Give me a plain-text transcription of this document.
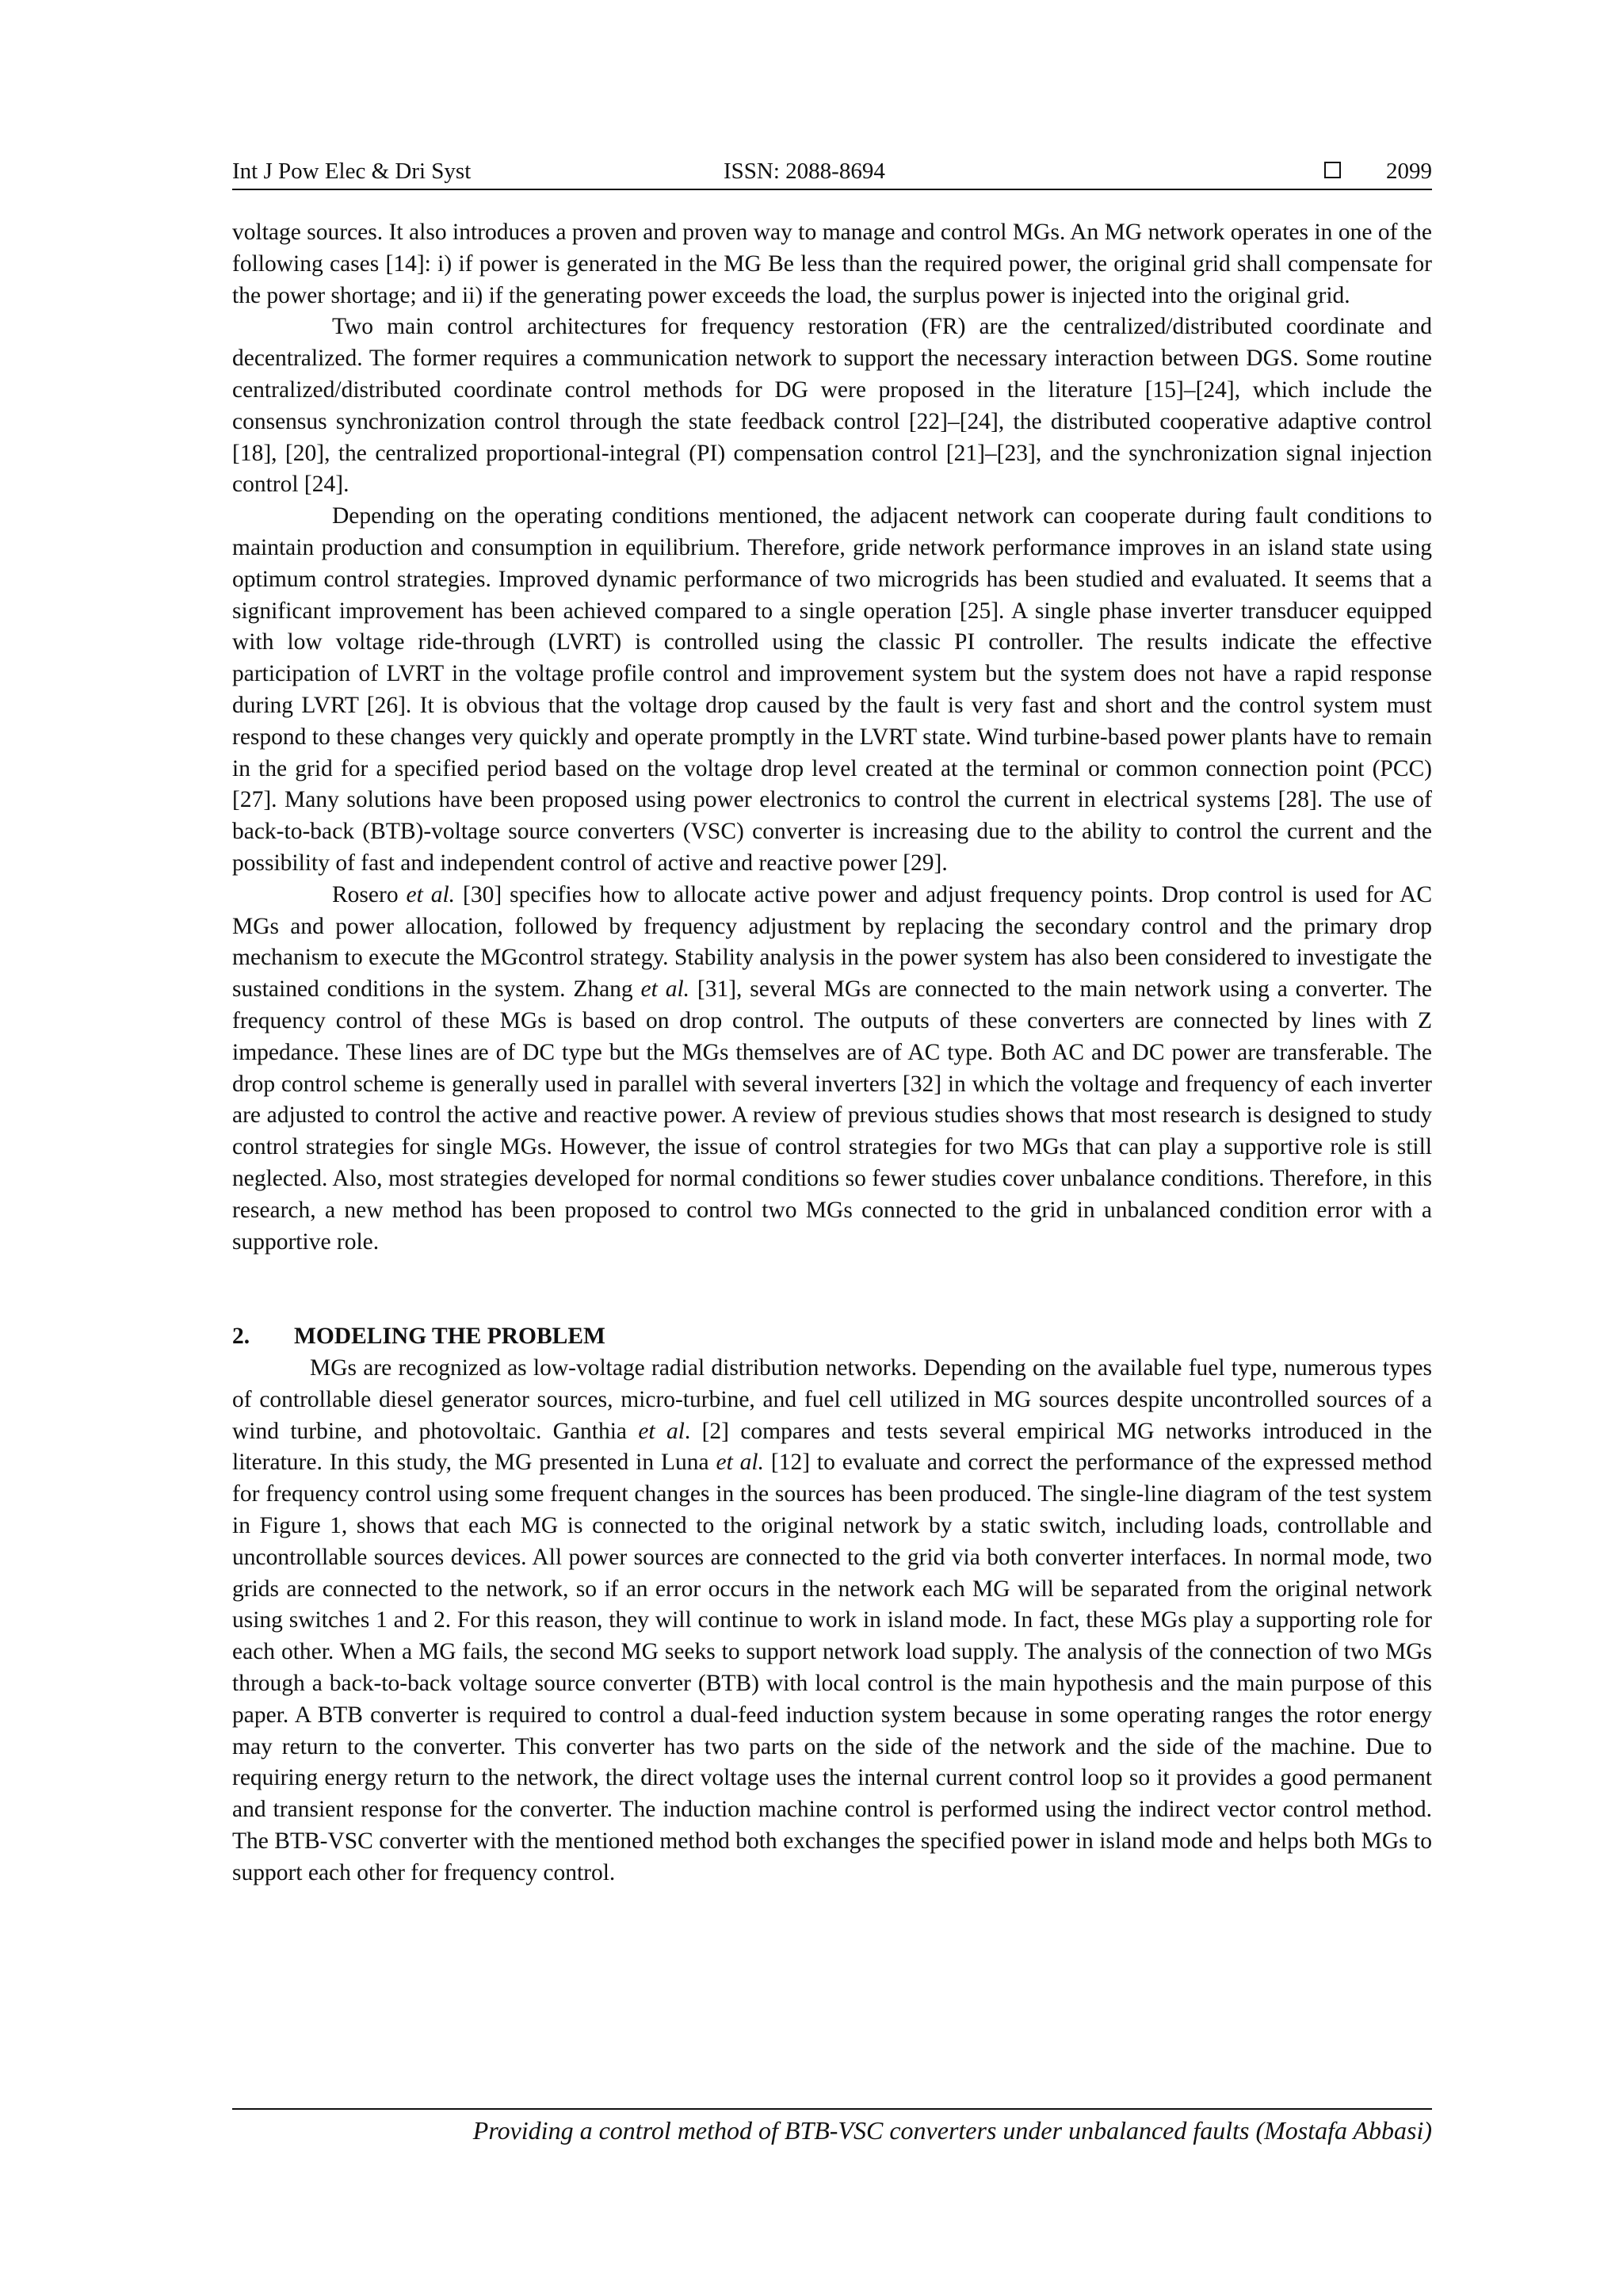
Int J Pow Elec & Dri Syst	ISSN: 2088-8694	2099

voltage sources. It also introduces a proven and proven way to manage and control MGs. An MG network operates in one of the following cases [14]: i) if power is generated in the MG Be less than the required power, the original grid shall compensate for the power shortage; and ii) if the generating power exceeds the load, the surplus power is injected into the original grid.

Two main control architectures for frequency restoration (FR) are the centralized/distributed coordinate and decentralized. The former requires a communication network to support the necessary interaction between DGS. Some routine centralized/distributed coordinate control methods for DG were proposed in the literature [15]–[24], which include the consensus synchronization control through the state feedback control [22]–[24], the distributed cooperative adaptive control [18], [20], the centralized proportional-integral (PI) compensation control [21]–[23], and the synchronization signal injection control [24].

Depending on the operating conditions mentioned, the adjacent network can cooperate during fault conditions to maintain production and consumption in equilibrium. Therefore, gride network performance improves in an island state using optimum control strategies. Improved dynamic performance of two microgrids has been studied and evaluated. It seems that a significant improvement has been achieved compared to a single operation [25]. A single phase inverter transducer equipped with low voltage ride-through (LVRT) is controlled using the classic PI controller. The results indicate the effective participation of LVRT in the voltage profile control and improvement system but the system does not have a rapid response during LVRT [26]. It is obvious that the voltage drop caused by the fault is very fast and short and the control system must respond to these changes very quickly and operate promptly in the LVRT state. Wind turbine-based power plants have to remain in the grid for a specified period based on the voltage drop level created at the terminal or common connection point (PCC) [27]. Many solutions have been proposed using power electronics to control the current in electrical systems [28]. The use of back-to-back (BTB)-voltage source converters (VSC) converter is increasing due to the ability to control the current and the possibility of fast and independent control of active and reactive power [29].

Rosero et al. [30] specifies how to allocate active power and adjust frequency points. Drop control is used for AC MGs and power allocation, followed by frequency adjustment by replacing the secondary control and the primary drop mechanism to execute the MGcontrol strategy. Stability analysis in the power system has also been considered to investigate the sustained conditions in the system. Zhang et al. [31], several MGs are connected to the main network using a converter. The frequency control of these MGs is based on drop control. The outputs of these converters are connected by lines with Z impedance. These lines are of DC type but the MGs themselves are of AC type. Both AC and DC power are transferable. The drop control scheme is generally used in parallel with several inverters [32] in which the voltage and frequency of each inverter are adjusted to control the active and reactive power. A review of previous studies shows that most research is designed to study control strategies for single MGs. However, the issue of control strategies for two MGs that can play a supportive role is still neglected. Also, most strategies developed for normal conditions so fewer studies cover unbalance conditions. Therefore, in this research, a new method has been proposed to control two MGs connected to the grid in unbalanced condition error with a supportive role.

2. MODELING THE PROBLEM

MGs are recognized as low-voltage radial distribution networks. Depending on the available fuel type, numerous types of controllable diesel generator sources, micro-turbine, and fuel cell utilized in MG sources despite uncontrolled sources of a wind turbine, and photovoltaic. Ganthia et al. [2] compares and tests several empirical MG networks introduced in the literature. In this study, the MG presented in Luna et al. [12] to evaluate and correct the performance of the expressed method for frequency control using some frequent changes in the sources has been produced. The single-line diagram of the test system in Figure 1, shows that each MG is connected to the original network by a static switch, including loads, controllable and uncontrollable sources devices. All power sources are connected to the grid via both converter interfaces. In normal mode, two grids are connected to the network, so if an error occurs in the network each MG will be separated from the original network using switches 1 and 2. For this reason, they will continue to work in island mode. In fact, these MGs play a supporting role for each other. When a MG fails, the second MG seeks to support network load supply. The analysis of the connection of two MGs through a back-to-back voltage source converter (BTB) with local control is the main hypothesis and the main purpose of this paper. A BTB converter is required to control a dual-feed induction system because in some operating ranges the rotor energy may return to the converter. This converter has two parts on the side of the network and the side of the machine. Due to requiring energy return to the network, the direct voltage uses the internal current control loop so it provides a good permanent and transient response for the converter. The induction machine control is performed using the indirect vector control method. The BTB-VSC converter with the mentioned method both exchanges the specified power in island mode and helps both MGs to support each other for frequency control.

Providing a control method of BTB-VSC converters under unbalanced faults (Mostafa Abbasi)
